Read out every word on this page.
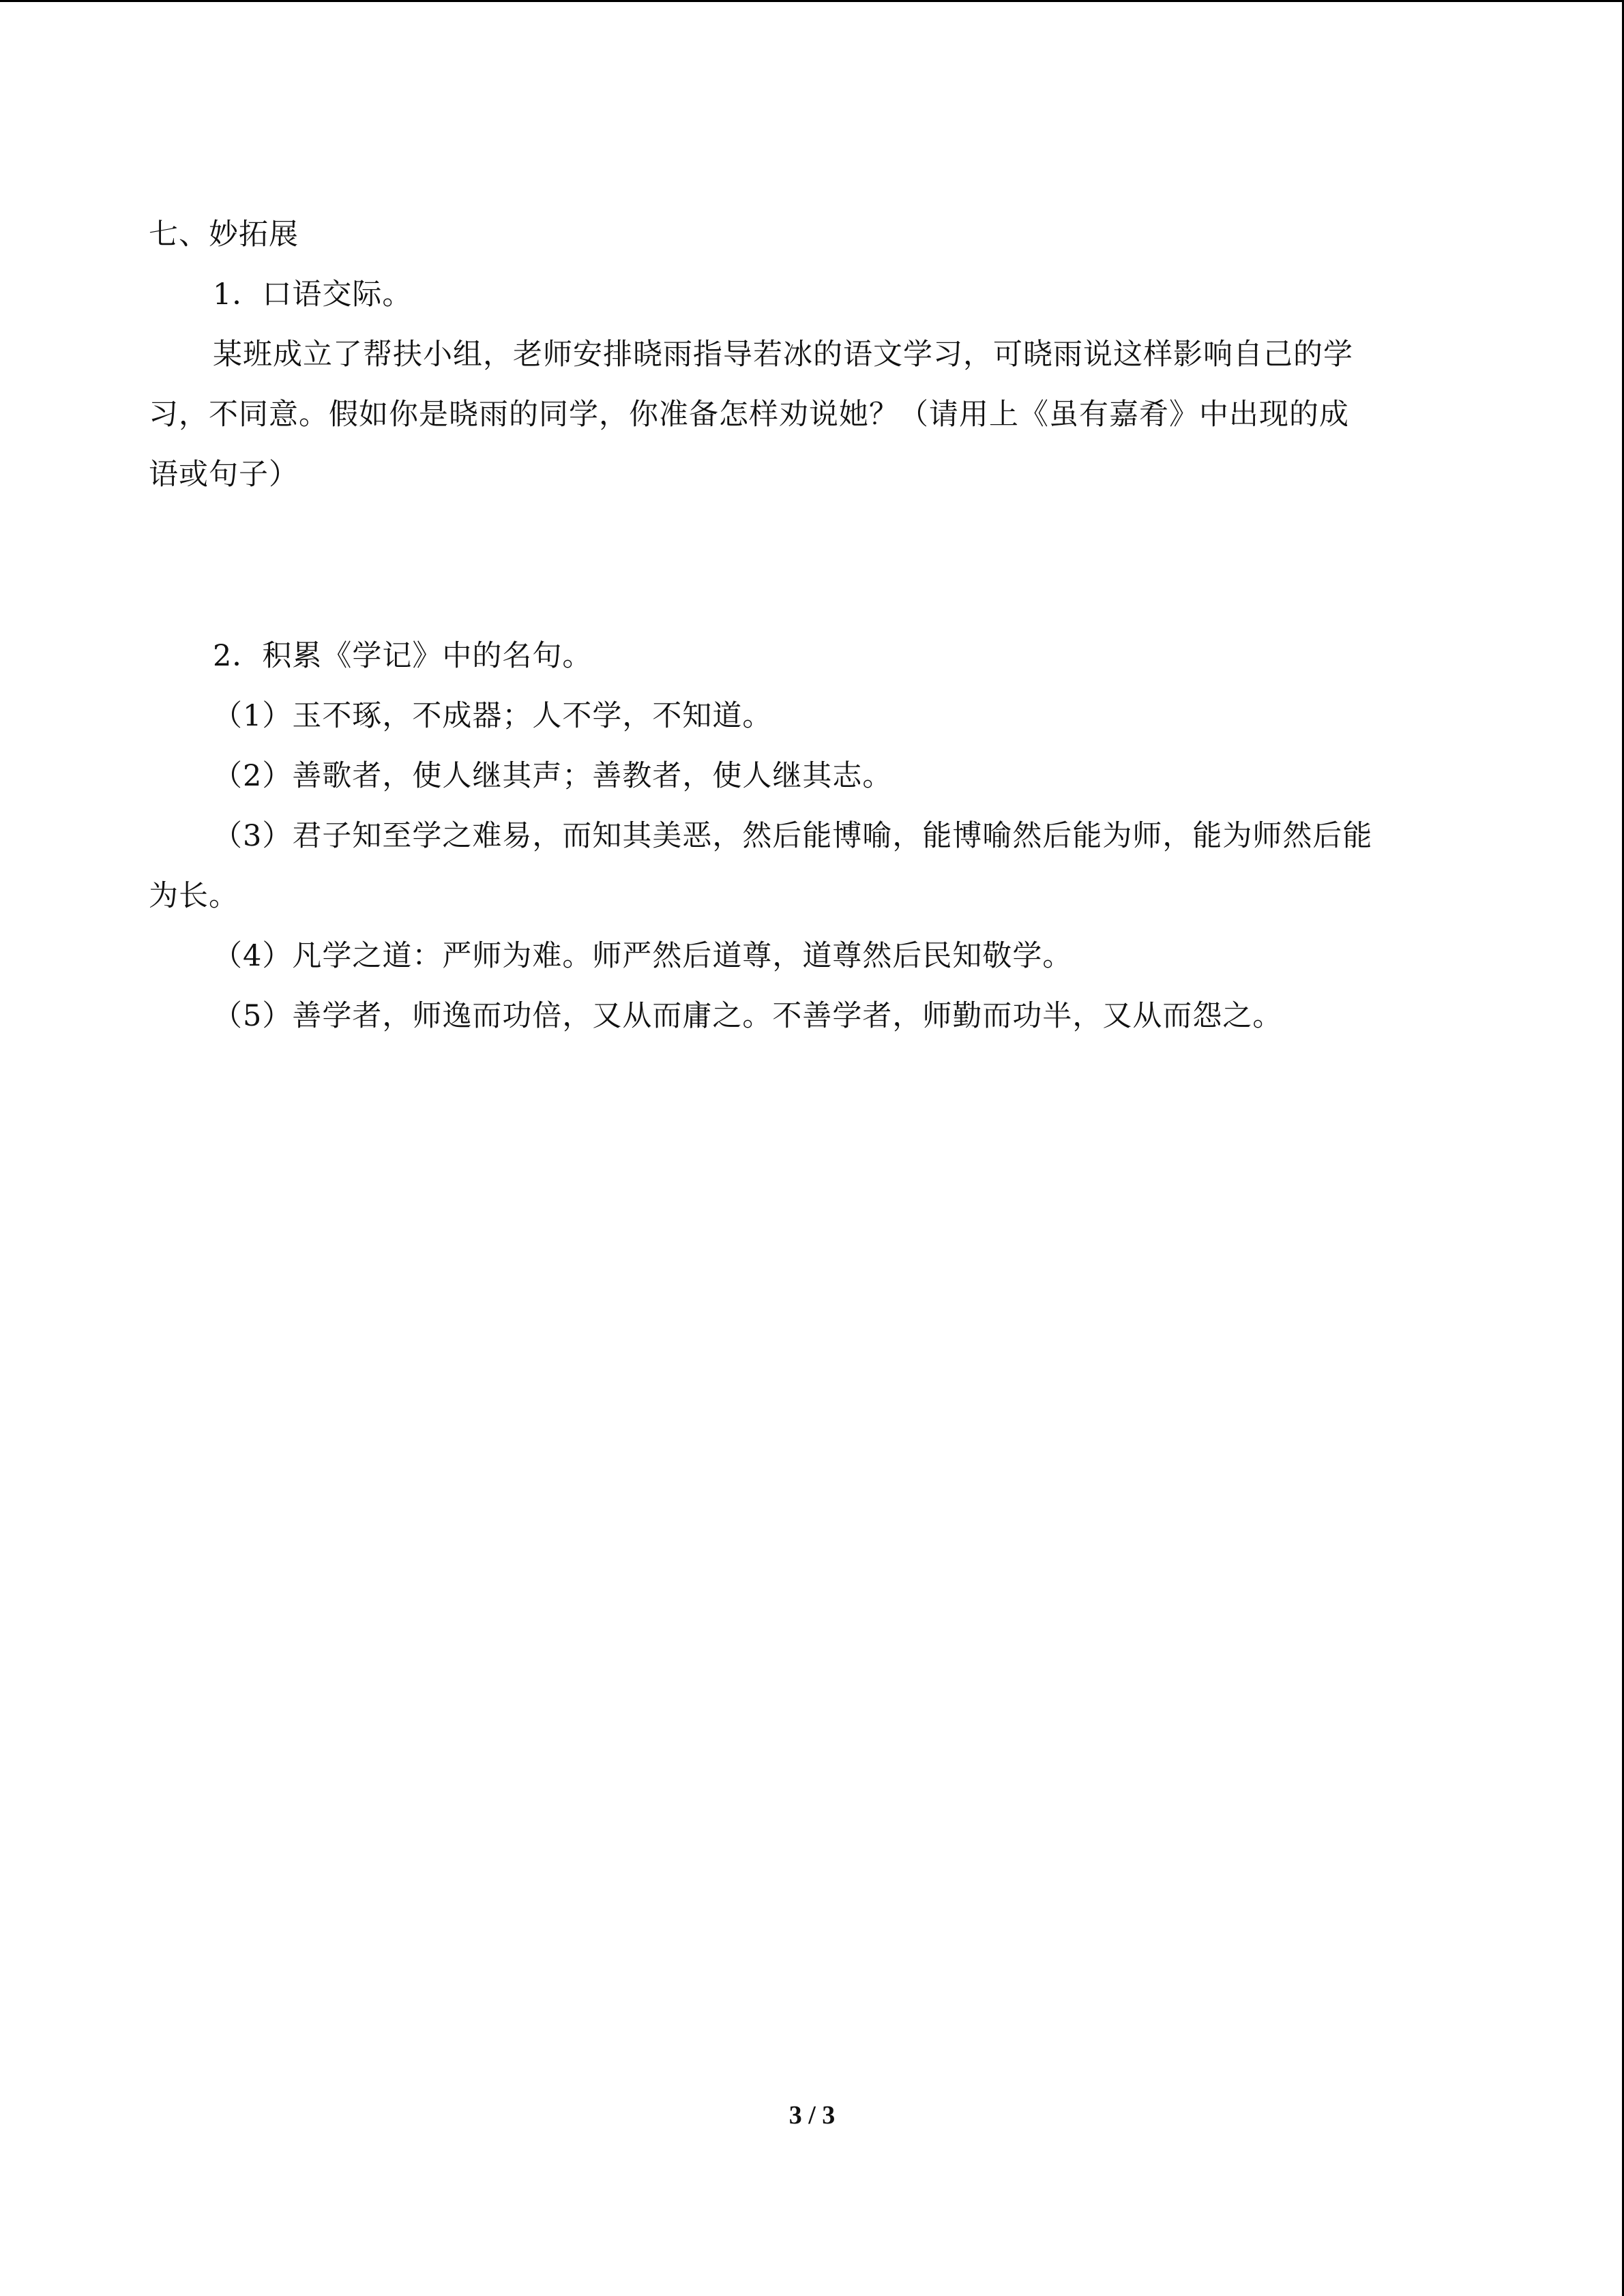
七、妙拓展
1．口语交际。
某班成立了帮扶小组，老师安排晓雨指导若冰的语文学习，可晓雨说这样影响自己的学
习，不同意。假如你是晓雨的同学，你准备怎样劝说她？（请用上《虽有嘉肴》中出现的成
语或句子）
2．积累《学记》中的名句。
（1）玉不琢，不成器；人不学，不知道。
（2）善歌者，使人继其声；善教者，使人继其志。
（3）君子知至学之难易，而知其美恶，然后能博喻，能博喻然后能为师，能为师然后能
为长。
（4）凡学之道：严师为难。师严然后道尊，道尊然后民知敬学。
（5）善学者，师逸而功倍，又从而庸之。不善学者，师勤而功半，又从而怨之。
3 / 3
